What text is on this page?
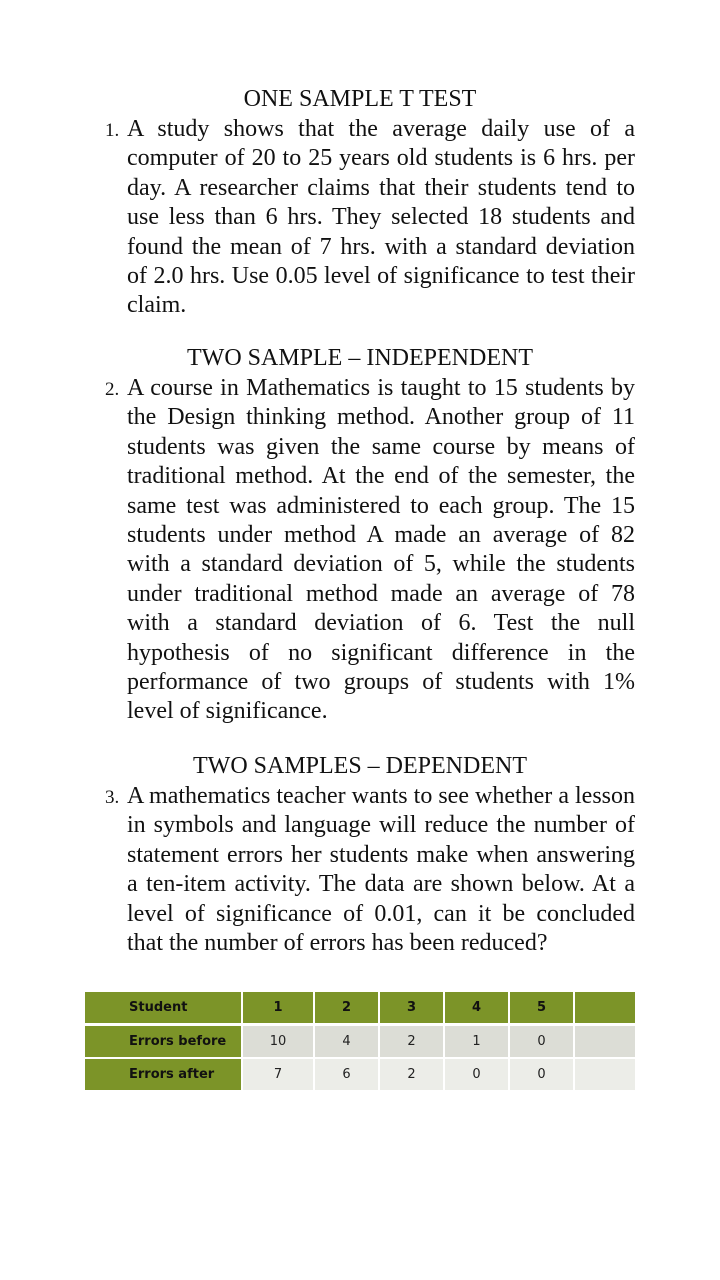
ONE SAMPLE T TEST
1. A study shows that the average daily use of a computer of 20 to 25 years old students is 6 hrs. per day. A researcher claims that their students tend to use less than 6 hrs. They selected 18 students and found the mean of 7 hrs. with a standard deviation of 2.0 hrs. Use 0.05 level of significance to test their claim.
TWO SAMPLE – INDEPENDENT
2. A course in Mathematics is taught to 15 students by the Design thinking method. Another group of 11 students was given the same course by means of traditional method. At the end of the semester, the same test was administered to each group. The 15 students under method A made an average of 82 with a standard deviation of 5, while the students under traditional method made an average of 78 with a standard deviation of 6. Test the null hypothesis of no significant difference in the performance of two groups of students with 1% level of significance.
TWO SAMPLES – DEPENDENT
3. A mathematics teacher wants to see whether a lesson in symbols and language will reduce the number of statement errors her students make when answering a ten-item activity. The data are shown below. At a level of significance of 0.01, can it be concluded that the number of errors has been reduced?
Student	1	2	3	4	5	
Errors before	10	4	2	1	0	
Errors after	7	6	2	0	0	
